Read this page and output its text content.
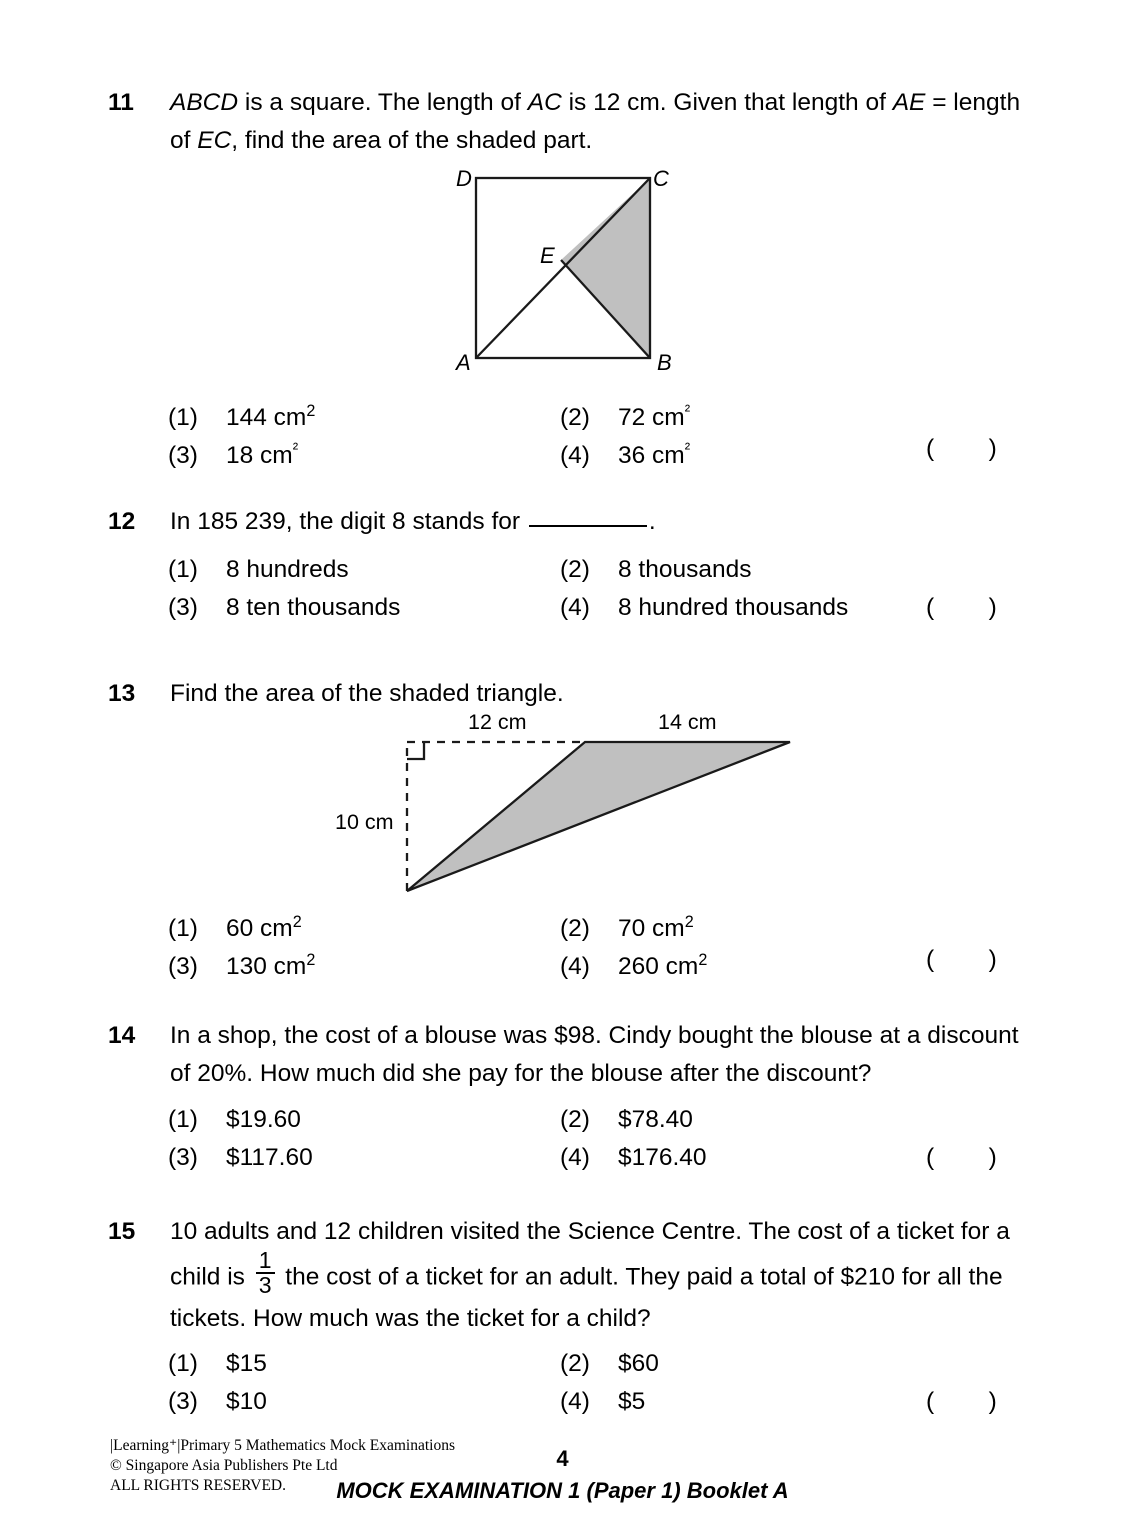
11	ABCD is a square. The length of AC is 12 cm. Given that length of AE = length
of EC, find the area of the shaded part.
D	C
A	B
E
(1) 144 $cm^2$	(2) 72 $cm^{^2}$
(3) 18 $cm^{^2}$	(4) 36 $cm^{^2}$	(        )
12	In 185 239, the digit 8 stands for	.
(1) 8 hundreds	(2) 8 thousands
(3) 8 ten thousands	(4) 8 hundred thousands	(        )
13	Find the area of the shaded triangle.
12 cm	14 cm
10 cm
(1) 60 $cm^2$	(2) 70 $cm^2$
(3) 130 $cm^2$	(4) 260 $cm^2$	(        )
14	In a shop, the cost of a blouse was $98. Cindy bought the blouse at a discount
of 20%. How much did she pay for the blouse after the discount?
(1) $19.60	(2) $78.40
(3) $117.60	(4) $176.40	(        )
15	10 adults and 12 children visited the Science Centre. The cost of a ticket for a
child is $\frac{1}{3}$ the cost of a ticket for an adult. They paid a total of $210 for all the
tickets. How much was the ticket for a child?
(1) $15	(2) $60
(3) $10	(4) $5	(        )
|Learning⁺|Primary 5 Mathematics Mock Examinations
© Singapore Asia Publishers Pte Ltd
ALL RIGHTS RESERVED.
4
MOCK EXAMINATION 1 (Paper 1) Booklet A
